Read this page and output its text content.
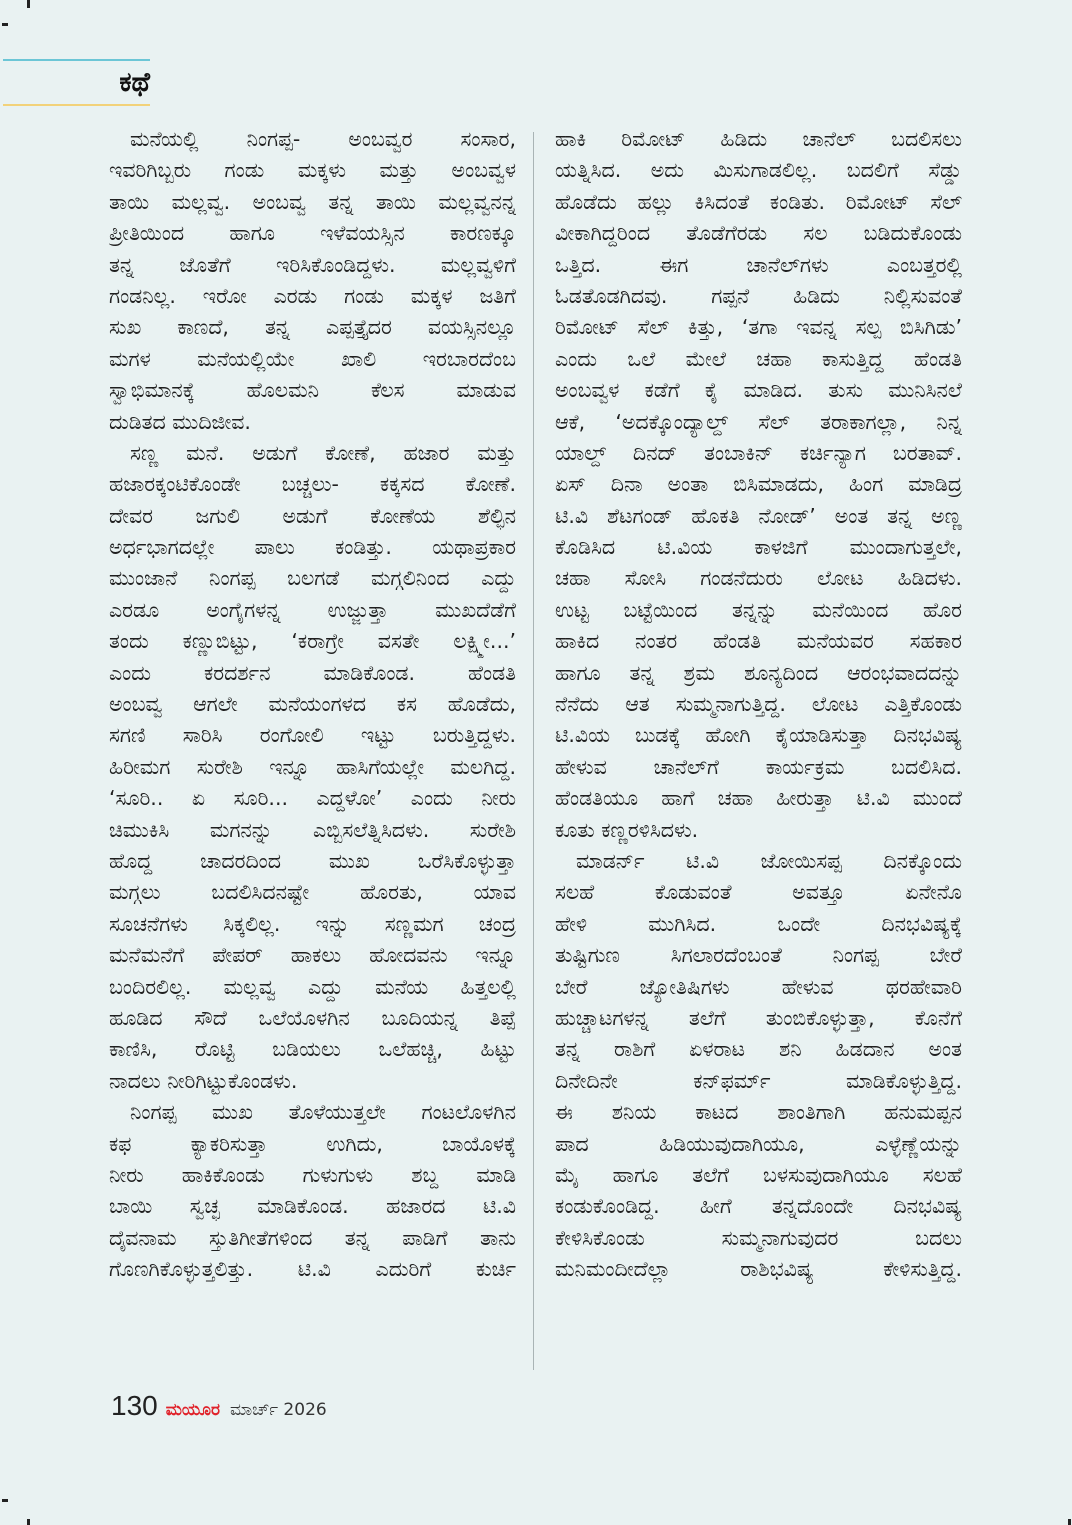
ಕಥೆ
ಮನೆಯಲ್ಲಿ ನಿಂಗಪ್ಪ- ಅಂಬವ್ವರ ಸಂಸಾರ,
ಇವರಿಗಿಬ್ಬರು ಗಂಡು ಮಕ್ಕಳು ಮತ್ತು ಅಂಬವ್ವಳ
ತಾಯಿ ಮಲ್ಲವ್ವ. ಅಂಬವ್ವ ತನ್ನ ತಾಯಿ ಮಲ್ಲವ್ವನನ್ನ
ಪ್ರೀತಿಯಿಂದ ಹಾಗೂ ಇಳೆವಯಸ್ಸಿನ ಕಾರಣಕ್ಕೂ
ತನ್ನ ಜೊತೆಗೆ ಇರಿಸಿಕೊಂಡಿದ್ದಳು. ಮಲ್ಲವ್ವಳಿಗೆ
ಗಂಡನಿಲ್ಲ. ಇರೋ ಎರಡು ಗಂಡು ಮಕ್ಕಳ ಜತಿಗೆ
ಸುಖ ಕಾಣದೆ, ತನ್ನ ಎಪ್ಪತ್ತೈದರ ವಯಸ್ಸಿನಲ್ಲೂ
ಮಗಳ ಮನೆಯಲ್ಲಿಯೇ ಖಾಲಿ ಇರಬಾರದೆಂಬ
ಸ್ವಾಭಿಮಾನಕ್ಕೆ ಹೊಲಮನಿ ಕೆಲಸ ಮಾಡುವ
ದುಡಿತದ ಮುದಿಜೀವ.
ಸಣ್ಣ ಮನೆ. ಅಡುಗೆ ಕೋಣೆ, ಹಜಾರ ಮತ್ತು
ಹಜಾರಕ್ಕಂಟಿಕೊಂಡೇ ಬಚ್ಚಲು- ಕಕ್ಕಸದ ಕೋಣೆ.
ದೇವರ ಜಗುಲಿ ಅಡುಗೆ ಕೋಣೆಯ ಶೆಲ್ಫಿನ
ಅರ್ಧಭಾಗದಲ್ಲೇ ಪಾಲು ಕಂಡಿತ್ತು. ಯಥಾಪ್ರಕಾರ
ಮುಂಜಾನೆ ನಿಂಗಪ್ಪ ಬಲಗಡೆ ಮಗ್ಗಲಿನಿಂದ ಎದ್ದು
ಎರಡೂ ಅಂಗೈಗಳನ್ನ ಉಜ್ಜುತ್ತಾ ಮುಖದೆಡೆಗೆ
ತಂದು ಕಣ್ಣುಬಿಟ್ಟು, ‘ಕರಾಗ್ರೇ ವಸತೇ ಲಕ್ಷ್ಮೀ...’
ಎಂದು ಕರದರ್ಶನ ಮಾಡಿಕೊಂಡ. ಹೆಂಡತಿ
ಅಂಬವ್ವ ಆಗಲೇ ಮನೆಯಂಗಳದ ಕಸ ಹೊಡೆದು,
ಸಗಣಿ ಸಾರಿಸಿ ರಂಗೋಲಿ ಇಟ್ಟು ಬರುತ್ತಿದ್ದಳು.
ಹಿರೀಮಗ ಸುರೇಶಿ ಇನ್ನೂ ಹಾಸಿಗೆಯಲ್ಲೇ ಮಲಗಿದ್ದ.
‘ಸೂರಿ.. ಏ ಸೂರಿ... ಎದ್ದಳೋ’ ಎಂದು ನೀರು
ಚಿಮುಕಿಸಿ ಮಗನನ್ನು ಎಬ್ಬಿಸಲೆತ್ನಿಸಿದಳು. ಸುರೇಶಿ
ಹೊದ್ದ ಚಾದರದಿಂದ ಮುಖ ಒರೆಸಿಕೊಳ್ಳುತ್ತಾ
ಮಗ್ಗಲು ಬದಲಿಸಿದನಷ್ಟೇ ಹೊರತು, ಯಾವ
ಸೂಚನೆಗಳು ಸಿಕ್ಕಲಿಲ್ಲ. ಇನ್ನು ಸಣ್ಣಮಗ ಚಂದ್ರ
ಮನೆಮನೆಗೆ ಪೇಪರ್ ಹಾಕಲು ಹೋದವನು ಇನ್ನೂ
ಬಂದಿರಲಿಲ್ಲ. ಮಲ್ಲವ್ವ ಎದ್ದು ಮನೆಯ ಹಿತ್ತಲಲ್ಲಿ
ಹೂಡಿದ ಸೌದೆ ಒಲೆಯೊಳಗಿನ ಬೂದಿಯನ್ನ ತಿಪ್ಪೆ
ಕಾಣಿಸಿ, ರೊಟ್ಟಿ ಬಡಿಯಲು ಒಲೆಹಚ್ಚಿ, ಹಿಟ್ಟು
ನಾದಲು ನೀರಿಗಿಟ್ಟುಕೊಂಡಳು.
ನಿಂಗಪ್ಪ ಮುಖ ತೊಳೆಯುತ್ತಲೇ ಗಂಟಲೊಳಗಿನ
ಕಫ ಕ್ಯಾಕರಿಸುತ್ತಾ ಉಗಿದು, ಬಾಯೊಳಕ್ಕೆ
ನೀರು ಹಾಕಿಕೊಂಡು ಗುಳುಗುಳು ಶಬ್ದ ಮಾಡಿ
ಬಾಯಿ ಸ್ವಚ್ಛ ಮಾಡಿಕೊಂಡ. ಹಜಾರದ ಟಿ.ವಿ
ದೈವನಾಮ ಸ್ತುತಿಗೀತೆಗಳಿಂದ ತನ್ನ ಪಾಡಿಗೆ ತಾನು
ಗೊಣಗಿಕೊಳ್ಳುತ್ತಲಿತ್ತು. ಟಿ.ವಿ ಎದುರಿಗೆ ಕುರ್ಚಿ
ಹಾಕಿ ರಿಮೋಟ್ ಹಿಡಿದು ಚಾನೆಲ್ ಬದಲಿಸಲು
ಯತ್ನಿಸಿದ. ಅದು ಮಿಸುಗಾಡಲಿಲ್ಲ. ಬದಲಿಗೆ ಸೆಡ್ಡು
ಹೊಡೆದು ಹಲ್ಲು ಕಿಸಿದಂತೆ ಕಂಡಿತು. ರಿಮೋಟ್ ಸೆಲ್
ವೀಕಾಗಿದ್ದರಿಂದ ತೊಡೆಗೆರಡು ಸಲ ಬಡಿದುಕೊಂಡು
ಒತ್ತಿದ. ಈಗ ಚಾನೆಲ್‌ಗಳು ಎಂಬತ್ತರಲ್ಲಿ
ಓಡತೊಡಗಿದವು. ಗಪ್ಪನೆ ಹಿಡಿದು ನಿಲ್ಲಿಸುವಂತೆ
ರಿಮೋಟ್ ಸೆಲ್ ಕಿತ್ತು, ‘ತಗಾ ಇವನ್ನ ಸಲ್ಪ ಬಿಸಿಗಿಡು’
ಎಂದು ಒಲೆ ಮೇಲೆ ಚಹಾ ಕಾಸುತ್ತಿದ್ದ ಹೆಂಡತಿ
ಅಂಬವ್ವಳ ಕಡೆಗೆ ಕೈ ಮಾಡಿದ. ತುಸು ಮುನಿಸಿನಲೆ
ಆಕೆ, ‘ಅದಕ್ಕೊಂದ್ಯಾಲ್ದ್ ಸೆಲ್ ತರಾಕಾಗಲ್ಲಾ, ನಿನ್ನ
ಯಾಲ್ದ್ ದಿನದ್ ತಂಬಾಕಿನ್ ಕರ್ಚಿನ್ಯಾಗ ಬರತಾವ್.
ಏಸ್ ದಿನಾ ಅಂತಾ ಬಿಸಿಮಾಡದು, ಹಿಂಗ ಮಾಡಿದ್ರ
ಟಿ.ವಿ ಶೆಟಗಂಡ್ ಹೊಕತಿ ನೋಡ್’ ಅಂತ ತನ್ನ ಅಣ್ಣ
ಕೊಡಿಸಿದ ಟಿ.ವಿಯ ಕಾಳಜಿಗೆ ಮುಂದಾಗುತ್ತಲೇ,
ಚಹಾ ಸೋಸಿ ಗಂಡನೆದುರು ಲೋಟ ಹಿಡಿದಳು.
ಉಟ್ಟ ಬಟ್ಟೆಯಿಂದ ತನ್ನನ್ನು ಮನೆಯಿಂದ ಹೊರ
ಹಾಕಿದ ನಂತರ ಹೆಂಡತಿ ಮನೆಯವರ ಸಹಕಾರ
ಹಾಗೂ ತನ್ನ ಶ್ರಮ ಶೂನ್ಯದಿಂದ ಆರಂಭವಾದದನ್ನು
ನೆನೆದು ಆತ ಸುಮ್ಮನಾಗುತ್ತಿದ್ದ. ಲೋಟ ಎತ್ತಿಕೊಂಡು
ಟಿ.ವಿಯ ಬುಡಕ್ಕೆ ಹೋಗಿ ಕೈಯಾಡಿಸುತ್ತಾ ದಿನಭವಿಷ್ಯ
ಹೇಳುವ ಚಾನೆಲ್‌ಗೆ ಕಾರ್ಯಕ್ರಮ ಬದಲಿಸಿದ.
ಹೆಂಡತಿಯೂ ಹಾಗೆ ಚಹಾ ಹೀರುತ್ತಾ ಟಿ.ವಿ ಮುಂದೆ
ಕೂತು ಕಣ್ಣರಳಿಸಿದಳು.
ಮಾಡರ್ನ್ ಟಿ.ವಿ ಜೋಯಿಸಪ್ಪ ದಿನಕ್ಕೊಂದು
ಸಲಹೆ ಕೊಡುವಂತೆ ಅವತ್ತೂ ಏನೇನೊ
ಹೇಳಿ ಮುಗಿಸಿದ. ಒಂದೇ ದಿನಭವಿಷ್ಯಕ್ಕೆ
ತುಷ್ಟಿಗುಣ ಸಿಗಲಾರದೆಂಬಂತೆ ನಿಂಗಪ್ಪ ಬೇರೆ
ಬೇರೆ ಜ್ಯೋತಿಷಿಗಳು ಹೇಳುವ ಥರಹೇವಾರಿ
ಹುಚ್ಚಾಟಗಳನ್ನ ತಲೆಗೆ ತುಂಬಿಕೊಳ್ಳುತ್ತಾ, ಕೊನೆಗೆ
ತನ್ನ ರಾಶಿಗೆ ಏಳರಾಟ ಶನಿ ಹಿಡದಾನ ಅಂತ
ದಿನೇದಿನೇ ಕನ್‌ಫರ್ಮ್ ಮಾಡಿಕೊಳ್ಳುತ್ತಿದ್ದ.
ಈ ಶನಿಯ ಕಾಟದ ಶಾಂತಿಗಾಗಿ ಹನುಮಪ್ಪನ
ಪಾದ ಹಿಡಿಯುವುದಾಗಿಯೂ, ಎಳ್ಳೆಣ್ಣೆಯನ್ನು
ಮೈ ಹಾಗೂ ತಲೆಗೆ ಬಳಸುವುದಾಗಿಯೂ ಸಲಹೆ
ಕಂಡುಕೊಂಡಿದ್ದ. ಹೀಗೆ ತನ್ನದೊಂದೇ ದಿನಭವಿಷ್ಯ
ಕೇಳಿಸಿಕೊಂಡು ಸುಮ್ಮನಾಗುವುದರ ಬದಲು
ಮನಿಮಂದೀದೆಲ್ಲಾ ರಾಶಿಭವಿಷ್ಯ ಕೇಳಿಸುತ್ತಿದ್ದ.
130 ಮಯೂರ ಮಾರ್ಚ್ 2026
